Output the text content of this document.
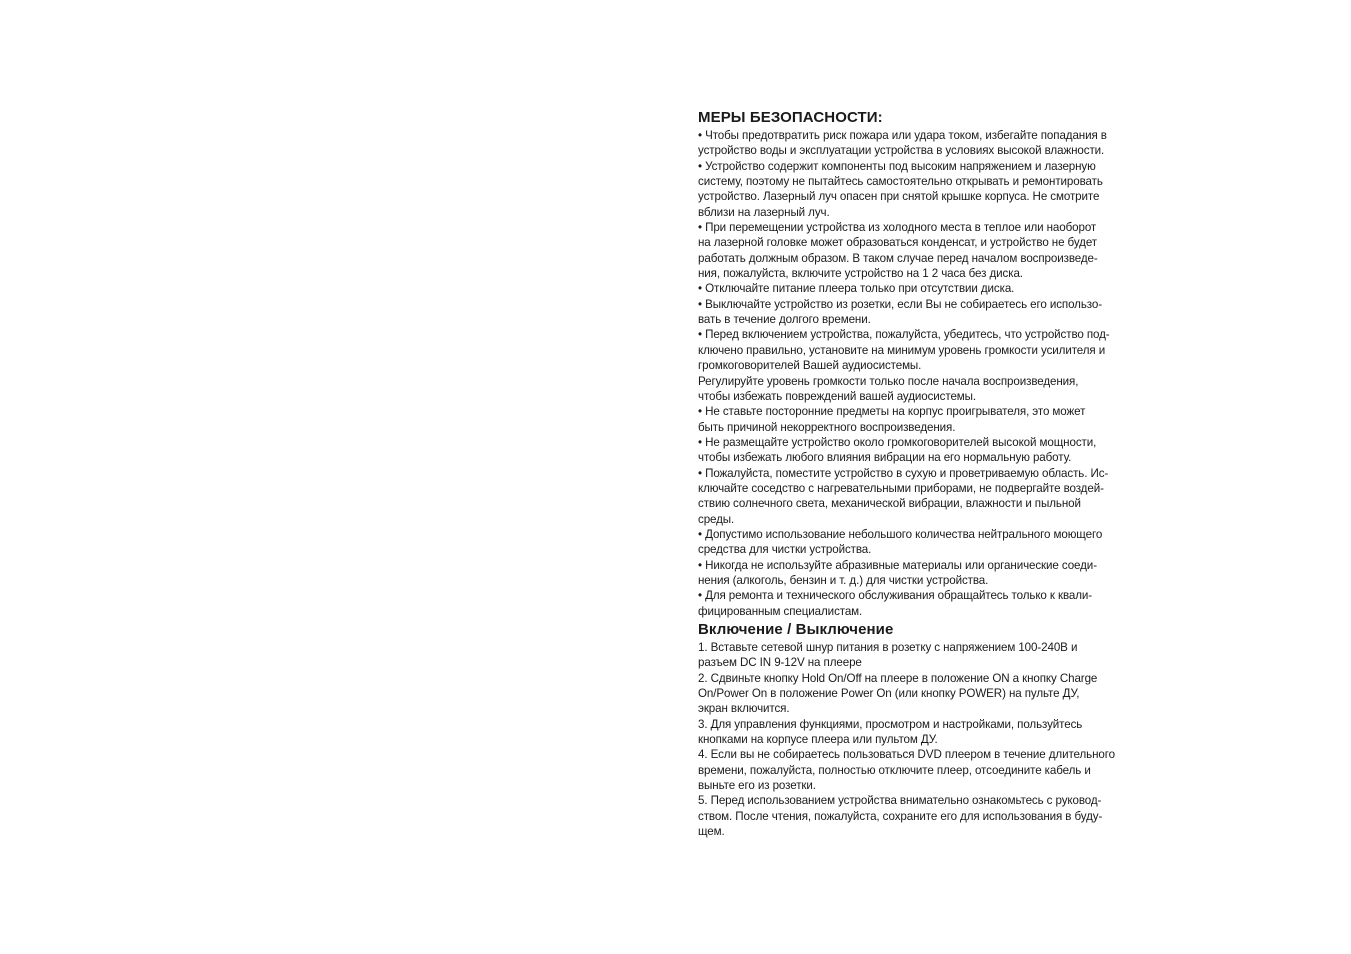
МЕРЫ БЕЗОПАСНОСТИ:
• Чтобы предотвратить риск пожара или удара током, избегайте попадания в
устройство воды и эксплуатации устройства в условиях высокой влажности.
• Устройство содержит компоненты под высоким напряжением и лазерную
систему, поэтому не пытайтесь самостоятельно открывать и ремонтировать
устройство. Лазерный луч опасен при снятой крышке корпуса. Не смотрите
вблизи на лазерный луч.
• При перемещении устройства из холодного места в теплое или наоборот
на лазерной головке может образоваться конденсат, и устройство не будет
работать должным образом. В таком случае перед началом воспроизведе-
ния, пожалуйста, включите устройство на 1 2 часа без диска.
• Отключайте питание плеера только при отсутствии диска.
• Выключайте устройство из розетки, если Вы не собираетесь его использо-
вать в течение долгого времени.
• Перед включением устройства, пожалуйста, убедитесь, что устройство под-
ключено правильно, установите на минимум уровень громкости усилителя и
громкоговорителей Вашей аудиосистемы.
Регулируйте уровень громкости только после начала воспроизведения,
чтобы избежать повреждений вашей аудиосистемы.
• Не ставьте посторонние предметы на корпус проигрывателя, это может
быть причиной некорректного воспроизведения.
• Не размещайте устройство около громкоговорителей высокой мощности,
чтобы избежать любого влияния вибрации на его нормальную работу.
• Пожалуйста, поместите устройство в сухую и проветриваемую область. Ис-
ключайте соседство с нагревательными приборами, не подвергайте воздей-
ствию солнечного света, механической вибрации, влажности и пыльной
среды.
• Допустимо использование небольшого количества нейтрального моющего
средства для чистки устройства.
• Никогда не используйте абразивные материалы или органические соеди-
нения (алкоголь, бензин и т. д.) для чистки устройства.
• Для ремонта и технического обслуживания обращайтесь только к квали-
фицированным специалистам.
Включение / Выключение
1. Вставьте сетевой шнур питания в розетку с напряжением 100-240В и
разъем DC IN 9-12V на плеере
2. Сдвиньте кнопку Hold On/Off на плеере в положение ON а кнопку Charge
On/Power On в положение Power On (или кнопку POWER) на пульте ДУ,
экран включится.
3. Для управления функциями, просмотром и настройками, пользуйтесь
кнопками на корпусе плеера или пультом ДУ.
4. Если вы не собираетесь пользоваться DVD плеером в течение длительного
времени, пожалуйста, полностью отключите плеер, отсоедините кабель и
выньте его из розетки.
5. Перед использованием устройства внимательно ознакомьтесь с руковод-
ством. После чтения, пожалуйста, сохраните его для использования в буду-
щем.
